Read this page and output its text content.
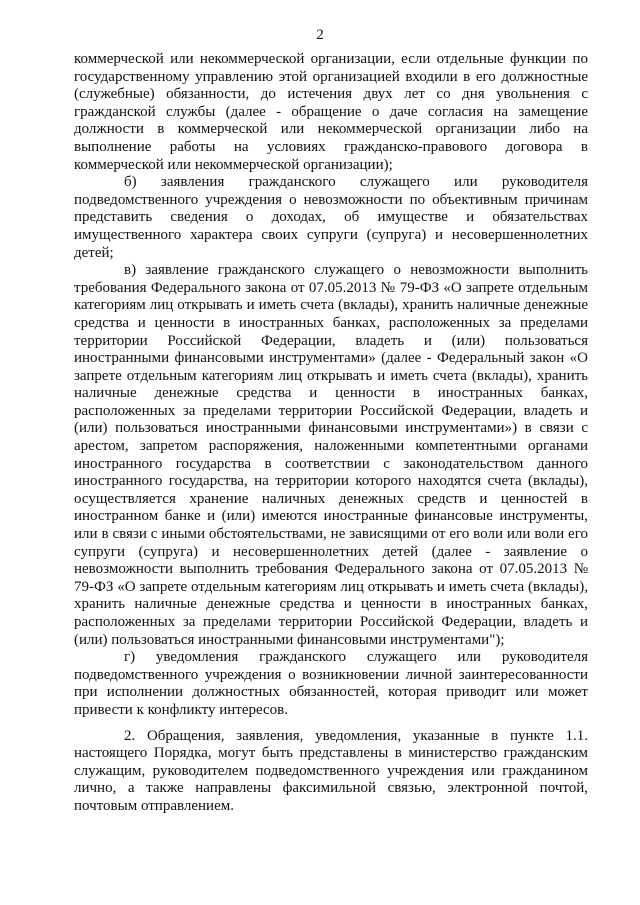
2

коммерческой или некоммерческой организации, если отдельные функции по государственному управлению этой организацией входили в его должностные (служебные) обязанности, до истечения двух лет со дня увольнения с гражданской службы (далее - обращение о даче согласия на замещение должности в коммерческой или некоммерческой организации либо на выполнение работы на условиях гражданско-правового договора в коммерческой или некоммерческой организации);

б) заявления гражданского служащего или руководителя подведомственного учреждения о невозможности по объективным причинам представить сведения о доходах, об имуществе и обязательствах имущественного характера своих супруги (супруга) и несовершеннолетних детей;

в) заявление гражданского служащего о невозможности выполнить требования Федерального закона от 07.05.2013 № 79-ФЗ «О запрете отдельным категориям лиц открывать и иметь счета (вклады), хранить наличные денежные средства и ценности в иностранных банках, расположенных за пределами территории Российской Федерации, владеть и (или) пользоваться иностранными финансовыми инструментами» (далее - Федеральный закон «О запрете отдельным категориям лиц открывать и иметь счета (вклады), хранить наличные денежные средства и ценности в иностранных банках, расположенных за пределами территории Российской Федерации, владеть и (или) пользоваться иностранными финансовыми инструментами») в связи с арестом, запретом распоряжения, наложенными компетентными органами иностранного государства в соответствии с законодательством данного иностранного государства, на территории которого находятся счета (вклады), осуществляется хранение наличных денежных средств и ценностей в иностранном банке и (или) имеются иностранные финансовые инструменты, или в связи с иными обстоятельствами, не зависящими от его воли или воли его супруги (супруга) и несовершеннолетних детей (далее - заявление о невозможности выполнить требования Федерального закона от 07.05.2013 № 79-ФЗ «О запрете отдельным категориям лиц открывать и иметь счета (вклады), хранить наличные денежные средства и ценности в иностранных банках, расположенных за пределами территории Российской Федерации, владеть и (или) пользоваться иностранными финансовыми инструментами");

г) уведомления гражданского служащего или руководителя подведомственного учреждения о возникновении личной заинтересованности при исполнении должностных обязанностей, которая приводит или может привести к конфликту интересов.

2. Обращения, заявления, уведомления, указанные в пункте 1.1. настоящего Порядка, могут быть представлены в министерство гражданским служащим, руководителем подведомственного учреждения или гражданином лично, а также направлены факсимильной связью, электронной почтой, почтовым отправлением.
